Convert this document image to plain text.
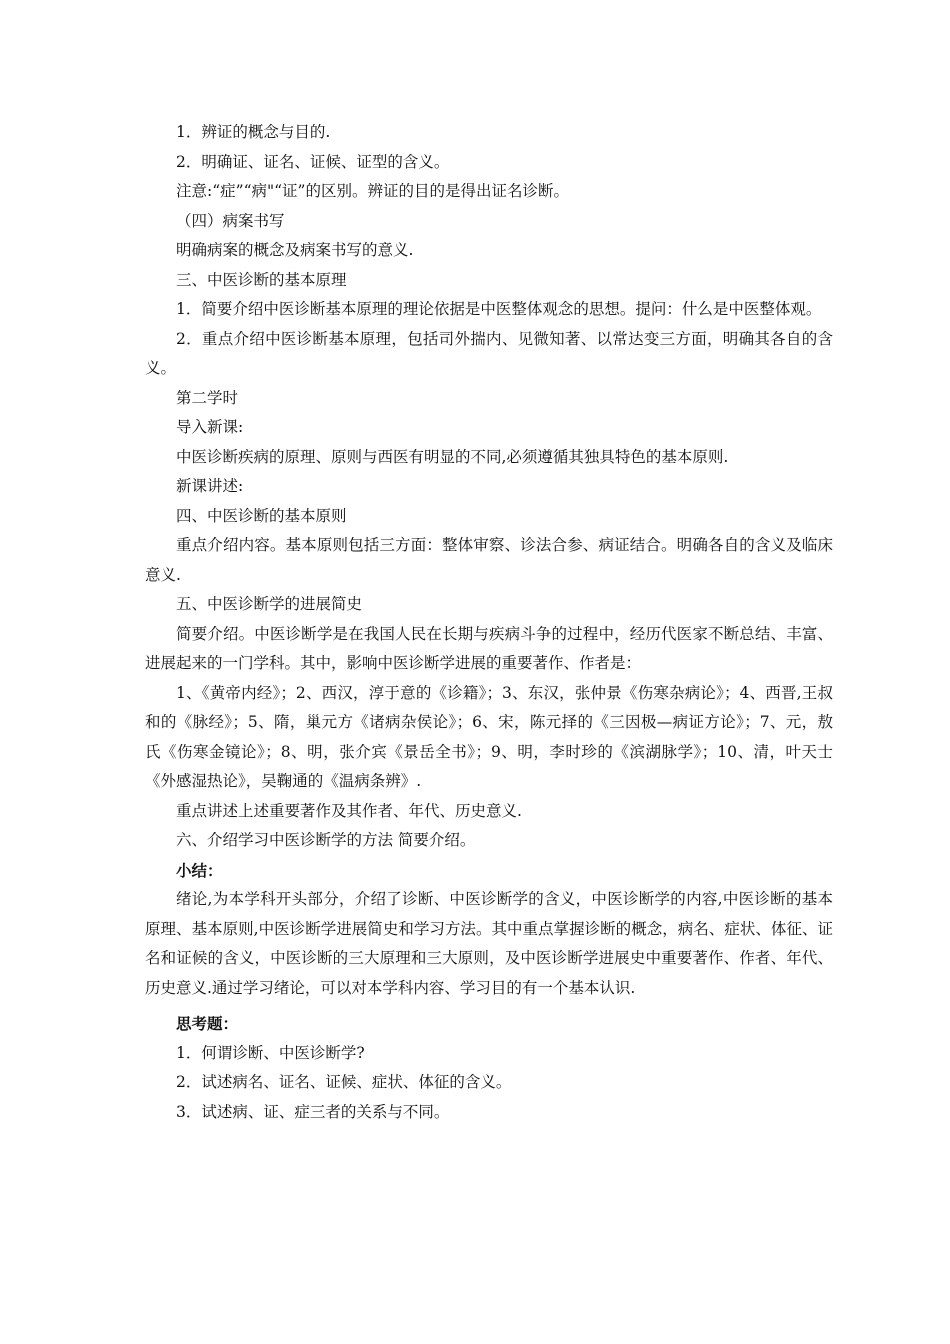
1．辨证的概念与目的.

2．明确证、证名、证候、证型的含义。

注意:“症”“病"“证”的区别。辨证的目的是得出证名诊断。

（四）病案书写

明确病案的概念及病案书写的意义.

三、中医诊断的基本原理

1．简要介绍中医诊断基本原理的理论依据是中医整体观念的思想。提问：什么是中医整体观。

2．重点介绍中医诊断基本原理，包括司外揣内、见微知著、以常达变三方面，明确其各自的含义。

第二学时

导入新课:

中医诊断疾病的原理、原则与西医有明显的不同,必须遵循其独具特色的基本原则.

新课讲述:

四、中医诊断的基本原则

重点介绍内容。基本原则包括三方面：整体审察、诊法合参、病证结合。明确各自的含义及临床意义.

五、中医诊断学的进展简史

简要介绍。中医诊断学是在我国人民在长期与疾病斗争的过程中，经历代医家不断总结、丰富、进展起来的一门学科。其中，影响中医诊断学进展的重要著作、作者是：

1、《黄帝内经》；2、西汉，淳于意的《诊籍》；3、东汉，张仲景《伤寒杂病论》；4、西晋,王叔和的《脉经》；5、隋，巢元方《诸病杂侯论》；6、宋，陈元择的《三因极—病证方论》；7、元，敖氏《伤寒金镜论》；8、明，张介宾《景岳全书》；9、明，李时珍的《滨湖脉学》；10、清，叶天士《外感湿热论》，吴鞠通的《温病条辨》.

重点讲述上述重要著作及其作者、年代、历史意义.

六、介绍学习中医诊断学的方法 简要介绍。

小结：

绪论,为本学科开头部分，介绍了诊断、中医诊断学的含义，中医诊断学的内容,中医诊断的基本原理、基本原则,中医诊断学进展简史和学习方法。其中重点掌握诊断的概念，病名、症状、体征、证名和证候的含义，中医诊断的三大原理和三大原则，及中医诊断学进展史中重要著作、作者、年代、历史意义.通过学习绪论，可以对本学科内容、学习目的有一个基本认识.

思考题：

1．何谓诊断、中医诊断学?

2．试述病名、证名、证候、症状、体征的含义。

3．试述病、证、症三者的关系与不同。
